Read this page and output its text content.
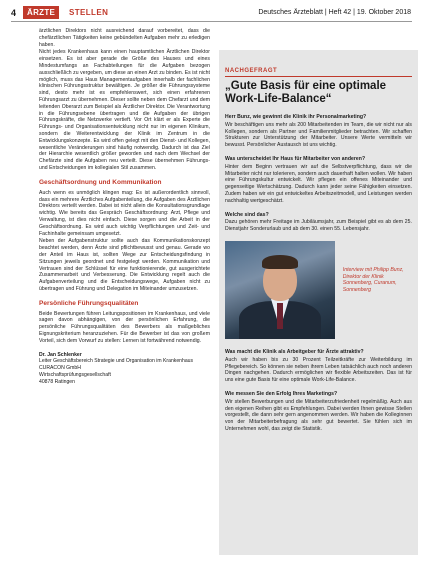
4	ÄRZTE	STELLEN	Deutsches Ärzteblatt | Heft 42 | 19. Oktober 2018

ärztlichen Direktors nicht ausreichend darauf vorbereitet, dass die chefärztlichen Tätigkeiten keine gebündelten Aufgaben mehr zu erledigen haben.

Nicht jedes Krankenhaus kann einen hauptamtlichen Ärztlichen Direktor einsetzen. Es ist aber gerade die Größe des Hauses und eines Mindestumfangs an Fachabteilungen für die Aufgaben bezogen ausschließlich zu vergeben, um diese an einen Arzt zu binden. Es ist nicht möglich, muss das Haus Managementaufgaben innerhalb der fachlichen klinischen Führungsstruktur bewältigen. Je größer die Führungssysteme sind, desto mehr ist es empfehlenswert, sich einen erfahrenen Führungsarzt zu übernehmen. Dieser sollte neben dem Chefarzt und dem leitenden Oberarzt zum Beispiel als Ärztlicher Direktor. Die Verantwortung in die Führungsebene übertragen und die Aufgaben der übrigen Führungskräfte, die Netzwerke vertieft. Vor Ort klärt er als Experte die Führungs- und Organisationsentwicklung nicht nur im eigenen Klinikum, sondern die Weiterentwicklung der Klinik im Zentrum in die Entwicklungskonzepte. Es wird offen gelegt mit den Dienst- und Kollegen, wesentliche Veränderungen sind häufig notwendig. Dadurch ist das Ziel der Hierarchie wesentlich größer geworden und nach dem Wechsel der Chefärzte sind die Aufgaben neu verteilt. Diese übernehmen Führungs- und Entscheidungen im kollegialen Stil zusammen.

Geschäftsordnung und Kommunikation

Auch wenn es unmöglich klingen mag: Es ist außerordentlich sinnvoll, dass ein mehrere Ärztliches Aufgabenteilung, die Aufgaben des Ärztlichen Direktors verteilt werden. Dabei ist nicht allein die Konsultationsgrundlage wichtig. Wie bereits das Gespräch Geschäftsordnung: Arzt, Pflege und Verwaltung, ist dies nicht einfach. Diese sorgen und die Arbeit in der Geschäftsordnung. Es wird auch wichtig Verpflichtungen und Zeit- und Fachinhalte gemeinsam umgesetzt.

Neben der Aufgabenstruktur sollte auch das Kommunikationskonzept beachtet werden, denn Ärzte sind pflichtbewusst und genau. Gerade wo der Anteil im Haus ist, sollten Wege zur Entscheidungsfindung in Sitzungen jeweils geordnet und festgelegt werden. Kommunikation und Vertrauen sind der Schlüssel für eine funktionierende, gut ausgerichtete Zusammenarbeit und Verbesserung. Die Entwicklung regelt auch die Aufgabenverteilung und die Entscheidungswege, Aufgaben nicht zu übertragen und Führung und Delegation im Miteinander umzusetzen.

Persönliche Führungsqualitäten

Beide Bewertungen führen Leitungspositionen im Krankenhaus, und viele sagen davon abhängigen, von der persönlichen Erfahrung, die persönliche Führungsqualitäten des Bewerbers als maßgebliches Eignungskriterium heranzuziehen. Für die Bewerber ist das von großem Vorteil, sich dem Vorwurf zu stellen: Lernen ist fortwährend notwendig.

Dr. Jan Schlenker
Leiter Geschäftsbereich Strategie und Organisation im Krankenhaus
CURACON GmbH
Wirtschaftsprüfungsgesellschaft
40878 Ratingen
NACHGEFRAGT
„Gute Basis für eine optimale Work-Life-Balance“

Herr Bunz, wie gewinnt die Klinik ihr Personalmarketing?

Wir beschäftigen uns mehr als 200 Mitarbeitenden im Team, die wir nicht nur als Kollegen, sondern als Partner und Familienmitglieder betrachten. Wir schaffen Strukturen zur Unterstützung der Mitarbeiter. Unsere Werte vermitteln wir bewusst. Persönlicher Austausch ist uns wichtig.

Was unterscheidet Ihr Haus für Mitarbeiter von anderen?

Hinter dem Beginn vertrauen wir auf die Selbstverpflichtung, dass wir die Mitarbeiter nicht nur tolerieren, sondern auch dauerhaft halten wollen. Wir haben eine Führungskultur entwickelt. Wir pflegen ein offenes Miteinander und gegenseitige Wertschätzung. Dadurch kann jeder seine Fähigkeiten einsetzen. Zudem haben wir ein gut entwickeltes Arbeitszeitmodell, und Leistungen werden nachhaltig wertgeschätzt.

Welche sind das?

Dazu gehören mehr Freitage im Jubiläumsjahr, zum Beispiel gibt es ab dem 25. Dienstjahr Sonderurlaub und ab dem 30. einen 55. Lebensjahr.

Interview mit Philipp Bunz, Direktor der Klinik Sonnenberg, Curanum, Sonnenberg

Was macht die Klinik als Arbeitgeber für Ärzte attraktiv?

Auch wir haben bis zu 30 Prozent Teilzeitkräfte zur Weiterbildung im Pflegebereich. So können sie neben ihrem Leben tatsächlich auch noch anderen Dingen nachgehen. Dadurch ermöglichen wir flexible Arbeitszeiten. Das ist für uns eine gute Basis für eine optimale Work-Life-Balance.

Wie messen Sie den Erfolg Ihres Marketings?

Wir stellen Bewerbungen und die Mitarbeiterzufriedenheit regelmäßig. Auch aus den eigenen Reihen gibt es Empfehlungen. Dabei werden Ihnen gewisse Stellen vorgestellt, die dann sehr gern angenommen werden. Wir haben die Kolleginnen von der Mitarbeiterbefragung als sehr gut bewertet. Sie fühlen sich im Unternehmen wohl, das zeigt die Statistik.
